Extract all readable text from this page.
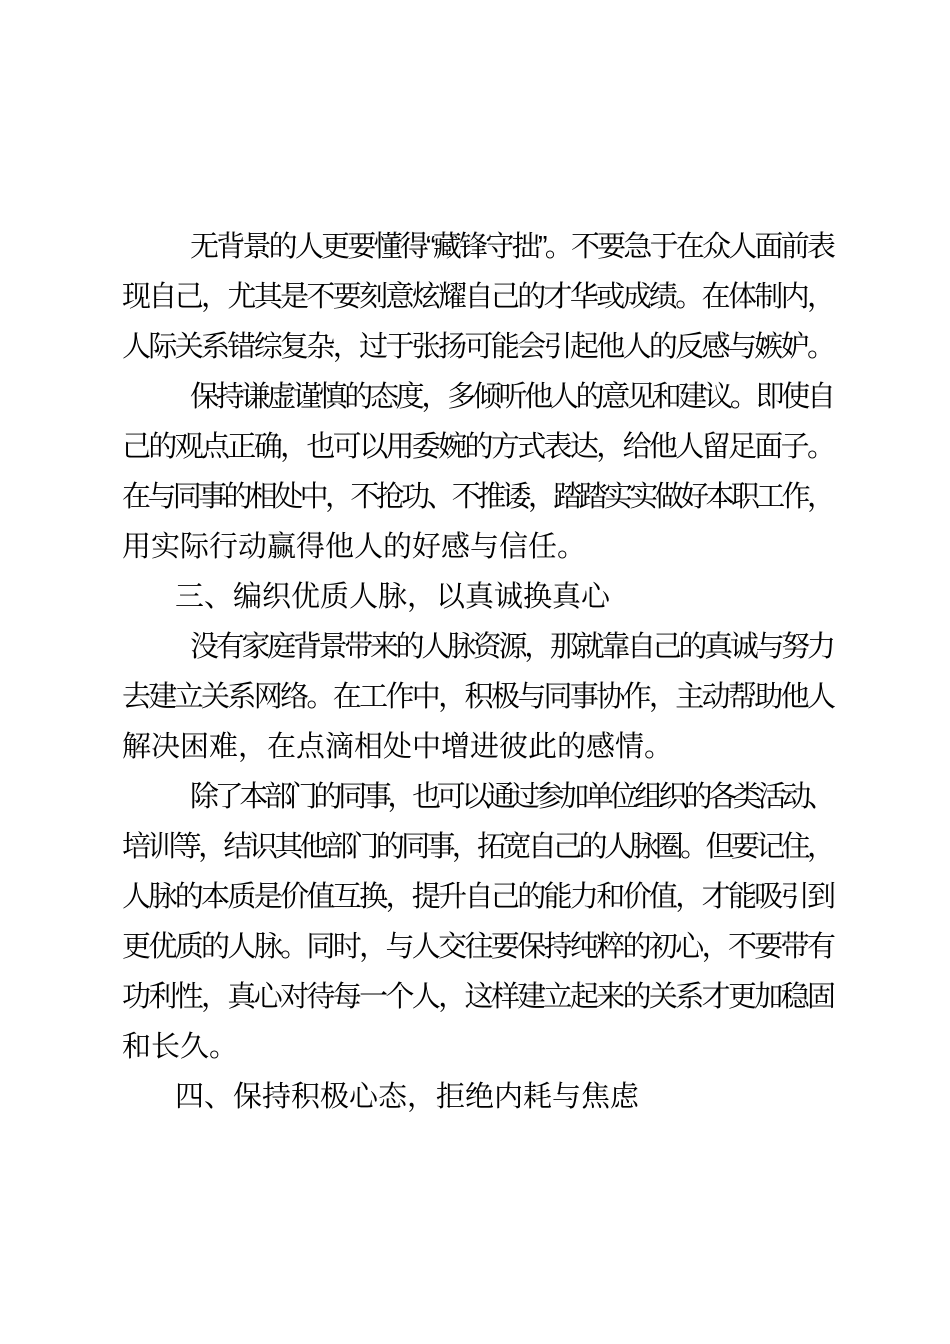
无背景的人更要懂得“藏锋守拙”。不要急于在众人面前表
现自己，尤其是不要刻意炫耀自己的才华或成绩。在体制内，
人际关系错综复杂，过于张扬可能会引起他人的反感与嫉妒。
保持谦虚谨慎的态度，多倾听他人的意见和建议。即使自
己的观点正确，也可以用委婉的方式表达，给他人留足面子。
在与同事的相处中，不抢功、不推诿，踏踏实实做好本职工作，
用实际行动赢得他人的好感与信任。
三、编织优质人脉，以真诚换真心
没有家庭背景带来的人脉资源，那就靠自己的真诚与努力
去建立关系网络。在工作中，积极与同事协作，主动帮助他人
解决困难，在点滴相处中增进彼此的感情。
除了本部门的同事，也可以通过参加单位组织的各类活动、
培训等，结识其他部门的同事，拓宽自己的人脉圈。但要记住，
人脉的本质是价值互换，提升自己的能力和价值，才能吸引到
更优质的人脉。同时，与人交往要保持纯粹的初心，不要带有
功利性，真心对待每一个人，这样建立起来的关系才更加稳固
和长久。
四、保持积极心态，拒绝内耗与焦虑
